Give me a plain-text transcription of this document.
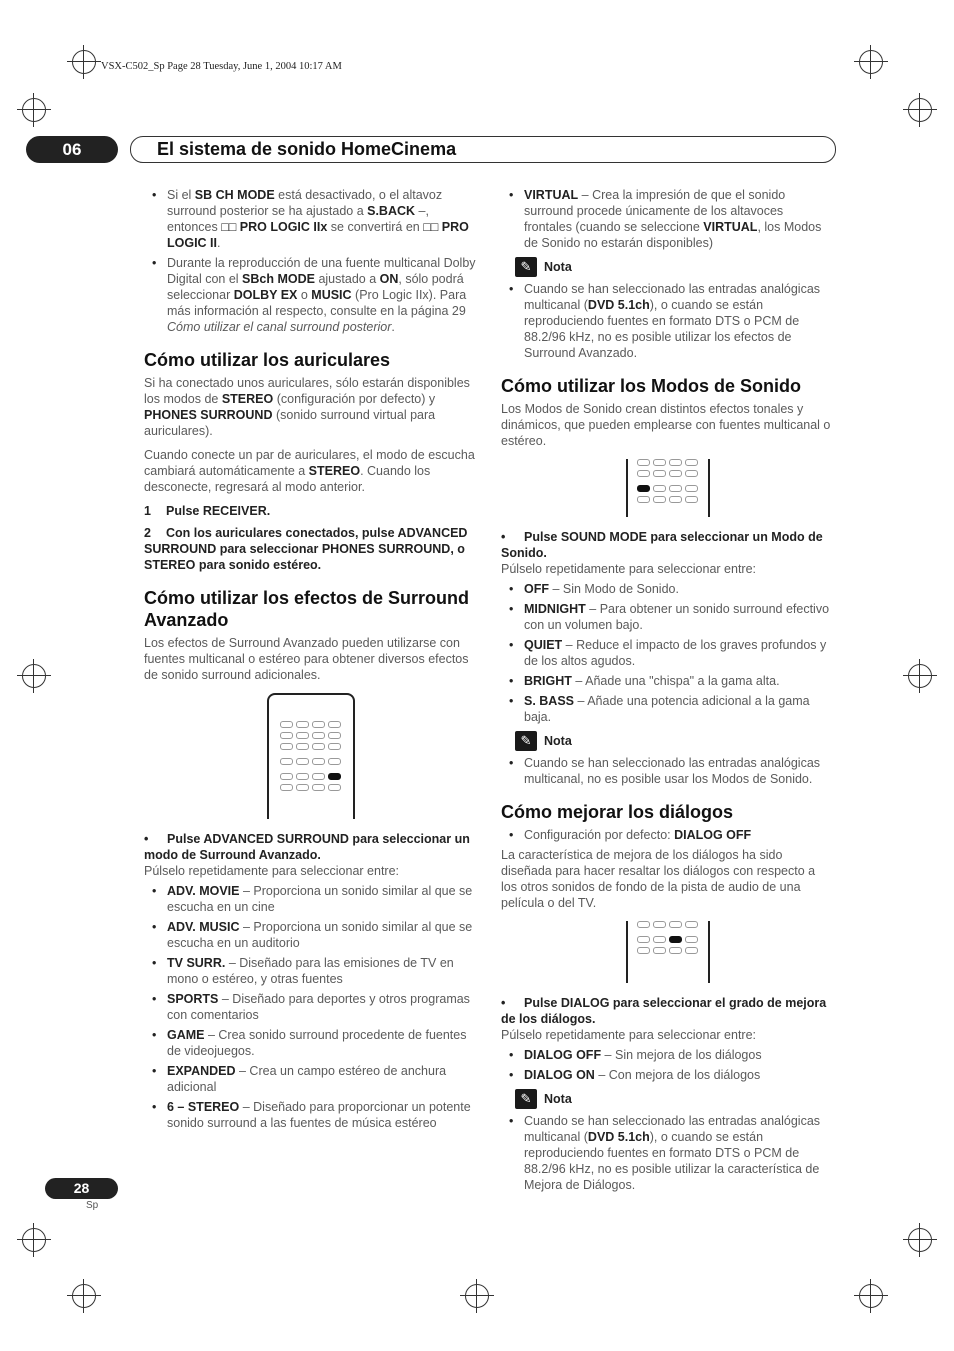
VSX-C502_Sp Page 28 Tuesday, June 1, 2004 10:17 AM
06	El sistema de sonido HomeCinema
• Si el SB CH MODE está desactivado, o el altavoz surround posterior se ha ajustado a S.BACK –, entonces □□ PRO LOGIC IIx se convertirá en □□ PRO LOGIC II.
• Durante la reproducción de una fuente multicanal Dolby Digital con el SBch MODE ajustado a ON, sólo podrá seleccionar DOLBY EX o MUSIC (Pro Logic IIx). Para más información al respecto, consulte en la página 29 Cómo utilizar el canal surround posterior.
Cómo utilizar los auriculares

Si ha conectado unos auriculares, sólo estarán disponibles los modos de STEREO (configuración por defecto) y PHONES SURROUND (sonido surround virtual para auriculares).

Cuando conecte un par de auriculares, el modo de escucha cambiará automáticamente a STEREO. Cuando los desconecte, regresará al modo anterior.

1 Pulse RECEIVER.
2 Con los auriculares conectados, pulse ADVANCED SURROUND para seleccionar PHONES SURROUND, o STEREO para sonido estéreo.
Cómo utilizar los efectos de Surround Avanzado

Los efectos de Surround Avanzado pueden utilizarse con fuentes multicanal o estéreo para obtener diversos efectos de sonido surround adicionales.

• Pulse ADVANCED SURROUND para seleccionar un modo de Surround Avanzado.

Púlselo repetidamente para seleccionar entre:

• ADV. MOVIE – Proporciona un sonido similar al que se escucha en un cine
• ADV. MUSIC – Proporciona un sonido similar al que se escucha en un auditorio
• TV SURR. – Diseñado para las emisiones de TV en mono o estéreo, y otras fuentes
• SPORTS – Diseñado para deportes y otros programas con comentarios
• GAME – Crea sonido surround procedente de fuentes de videojuegos.
• EXPANDED – Crea un campo estéreo de anchura adicional
• 6 – STEREO – Diseñado para proporcionar un potente sonido surround a las fuentes de música estéreo
• VIRTUAL – Crea la impresión de que el sonido surround procede únicamente de los altavoces frontales (cuando se seleccione VIRTUAL, los Modos de Sonido no estarán disponibles)
✎	Nota
• Cuando se han seleccionado las entradas analógicas multicanal (DVD 5.1ch), o cuando se están reproduciendo fuentes en formato DTS o PCM de 88.2/96 kHz, no es posible utilizar los efectos de Surround Avanzado.
Cómo utilizar los Modos de Sonido

Los Modos de Sonido crean distintos efectos tonales y dinámicos, que pueden emplearse con fuentes multicanal o estéreo.

• Pulse SOUND MODE para seleccionar un Modo de Sonido.

Púlselo repetidamente para seleccionar entre:

• OFF – Sin Modo de Sonido.
• MIDNIGHT – Para obtener un sonido surround efectivo con un volumen bajo.
• QUIET – Reduce el impacto de los graves profundos y de los altos agudos.
• BRIGHT – Añade una "chispa" a la gama alta.
• S. BASS – Añade una potencia adicional a la gama baja.
✎	Nota
• Cuando se han seleccionado las entradas analógicas multicanal, no es posible usar los Modos de Sonido.
Cómo mejorar los diálogos
• Configuración por defecto: DIALOG OFF

La característica de mejora de los diálogos ha sido diseñada para hacer resaltar los diálogos con respecto a los otros sonidos de fondo de la pista de audio de una película o del TV.

• Pulse DIALOG para seleccionar el grado de mejora de los diálogos.

Púlselo repetidamente para seleccionar entre:

• DIALOG OFF – Sin mejora de los diálogos
• DIALOG ON – Con mejora de los diálogos
✎	Nota
• Cuando se han seleccionado las entradas analógicas multicanal (DVD 5.1ch), o cuando se están reproduciendo fuentes en formato DTS o PCM de 88.2/96 kHz, no es posible utilizar la característica de Mejora de Diálogos.
28
Sp
